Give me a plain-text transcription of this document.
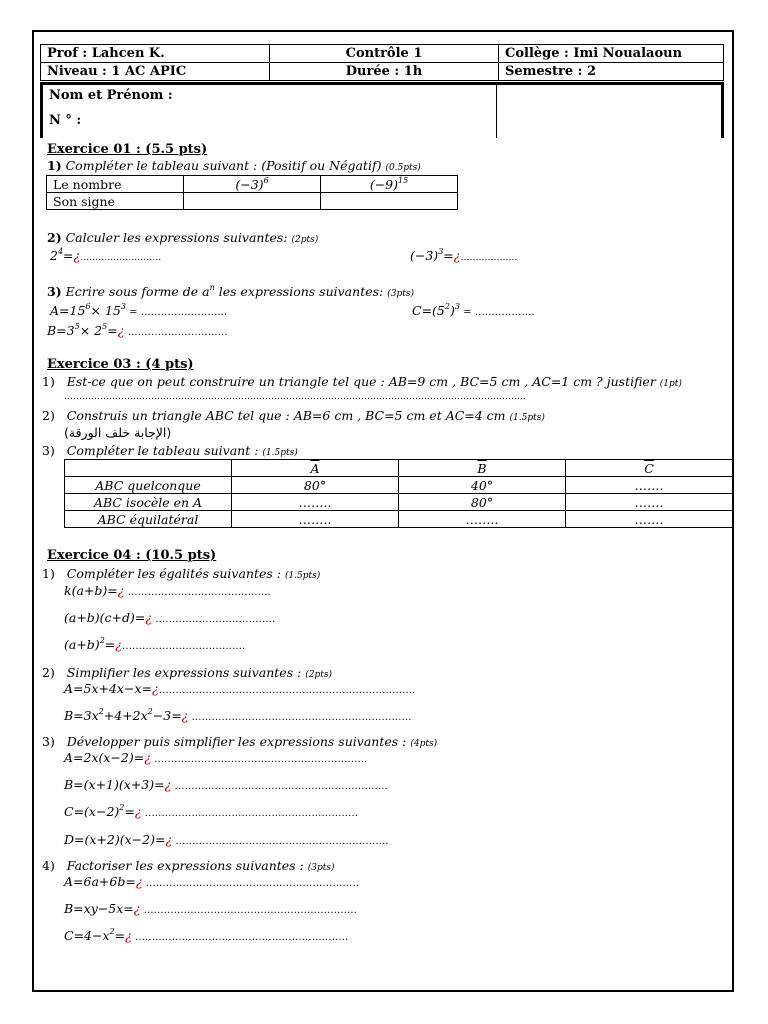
Prof : Lahcen K.	Contrôle 1	Collège : Imi Noualaoun
Niveau : 1 AC APIC	Durée : 1h	Semestre : 2
Nom et Prénom :
N ° :
Exercice 01 : (5.5 pts)
1) Compléter le tableau suivant : (Positif ou Négatif) (0.5pts)
Le nombre	$(-3)^6$	$(-9)^{15}$
Son signe		
2) Calculer les expressions suivantes: (2pts)
$2^4=¿\dots\dots\dots\dots\dots\dots\dots\dots\dots$	$(-3)^3=¿\dots\dots\dots\dots\dots\dots$.
3) Ecrire sous forme de $a^n$ les expressions suivantes: (3pts)
$A=15^6\times 15^3$ = ……………………..	$C=(5^2)^3$ = ………………
$B=3^5\times$ $2^5=¿$ …………………………
Exercice 03 : (4 pts)
1) Est-ce que on peut construire un triangle tel que : AB=9 cm , BC=5 cm , AC=1 cm ? justifier (1pt)
……………………………………………………………………………………………………………………………………….
2) Construis un triangle ABC tel que : AB=6 cm , BC=5 cm et AC=4 cm (1.5pts)
(الإجابة خلف الورقة)
3) Compléter le tableau suivant : (1.5pts)
	$\overline{A}$	$\overline{B}$	$\overline{C}$
ABC quelconque	80°	40°	…….
ABC isocèle en A	……..	80°	…….
ABC équilatéral	……..	……..	…….
Exercice 04 : (10.5 pts)
1) Compléter les égalités suivantes : (1.5pts)
k(a+b)=¿ …………………………………….
(a+b)(c+d)=¿ ………………………………
$(a+b)^2=¿\dots\dots\dots\dots\dots\dots\dots\dots\dots\dots\dots\dots$.
2) Simplifier les expressions suivantes : (2pts)
A=5x+4x−x=¿…………………………………………………………………..
$B=3x^2+4+2x^2-3=¿$ …………………………………………………………
3) Développer puis simplifier les expressions suivantes : (4pts)
A=2x(x−2)=¿ ……………………………………………………….
B=(x+1)(x+3)=¿ ……………………………………………………….
$C=(x-2)^2=¿$ ……………………………………………………….
D=(x+2)(x−2)=¿ ……………………………………………………….
4) Factoriser les expressions suivantes : (3pts)
A=6a+6b=¿ ……………………………………………………….
B=xy−5x=¿ ……………………………………………………….
$C=4-x^2=¿$ ……………………………………………………….
